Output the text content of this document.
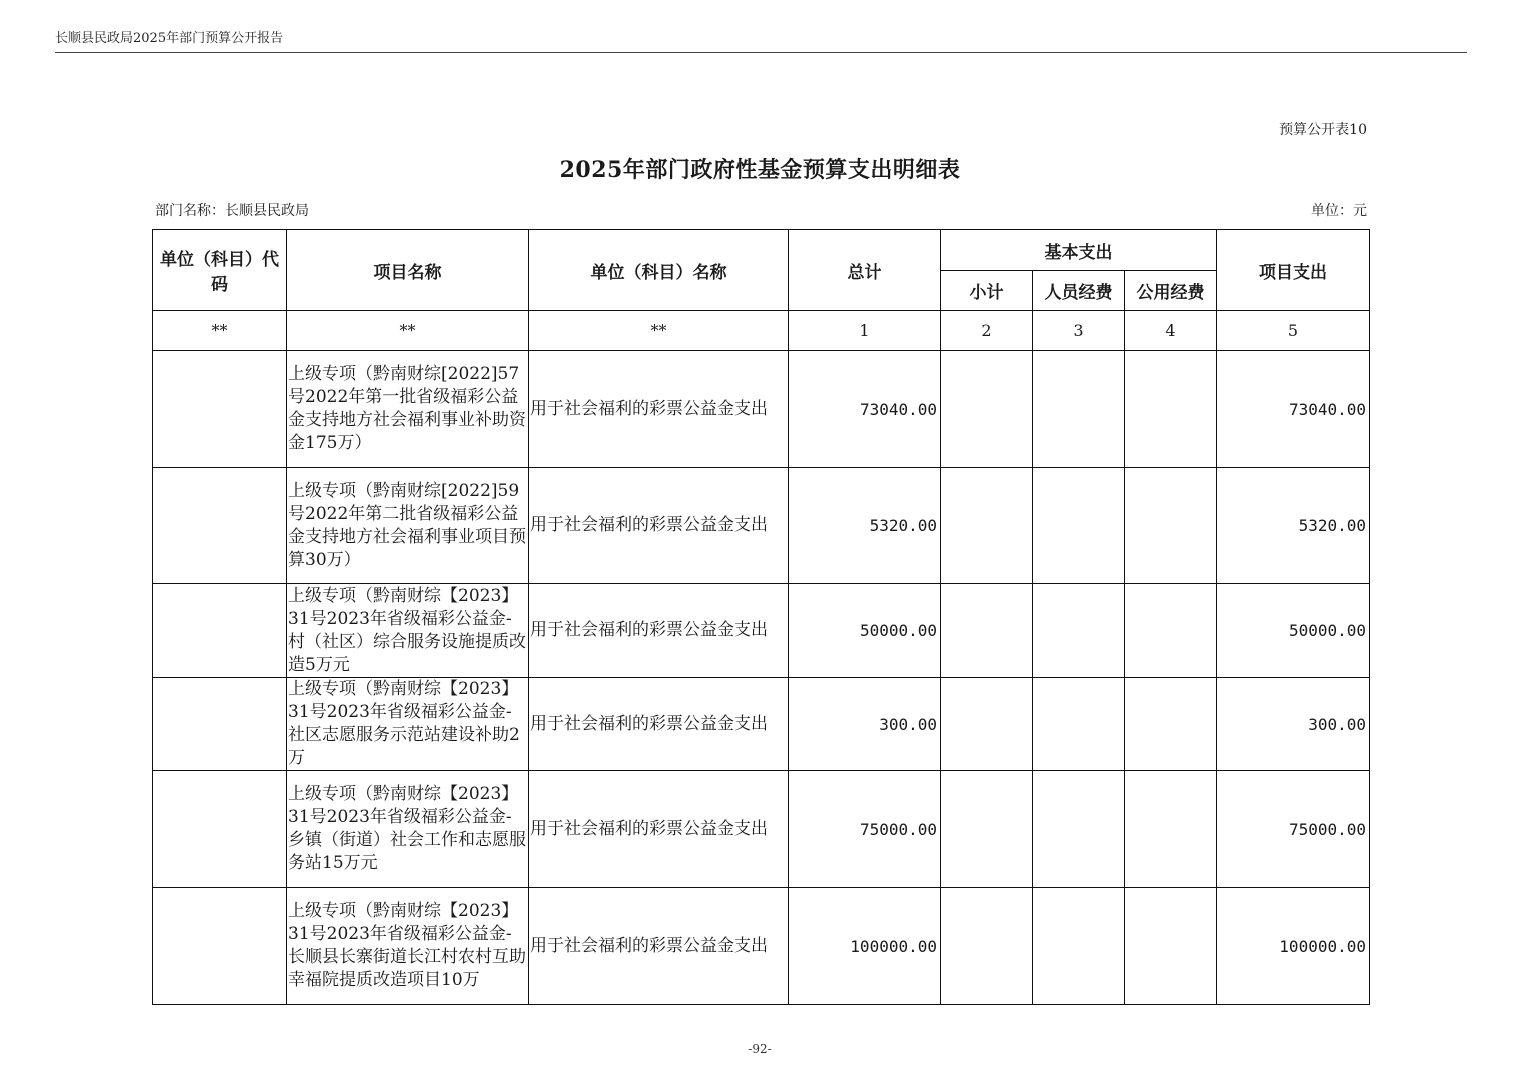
长顺县民政局2025年部门预算公开报告
预算公开表10
2025年部门政府性基金预算支出明细表
部门名称：长顺县民政局	单位：元
单位（科目）代码	项目名称	单位（科目）名称	总计	基本支出			项目支出
				小计	人员经费	公用经费	
**	**	**	1	2	3	4	5
	上级专项（黔南财综[2022]57号2022年第一批省级福彩公益金支持地方社会福利事业补助资金175万）	用于社会福利的彩票公益金支出	73040.00				73040.00
	上级专项（黔南财综[2022]59号2022年第二批省级福彩公益金支持地方社会福利事业项目预算30万）	用于社会福利的彩票公益金支出	5320.00				5320.00
	上级专项（黔南财综【2023】31号2023年省级福彩公益金-村（社区）综合服务设施提质改造5万元	用于社会福利的彩票公益金支出	50000.00				50000.00
	上级专项（黔南财综【2023】31号2023年省级福彩公益金-社区志愿服务示范站建设补助2万	用于社会福利的彩票公益金支出	300.00				300.00
	上级专项（黔南财综【2023】31号2023年省级福彩公益金-乡镇（街道）社会工作和志愿服务站15万元	用于社会福利的彩票公益金支出	75000.00				75000.00
	上级专项（黔南财综【2023】31号2023年省级福彩公益金-长顺县长寨街道长江村农村互助幸福院提质改造项目10万	用于社会福利的彩票公益金支出	100000.00				100000.00
-92-
